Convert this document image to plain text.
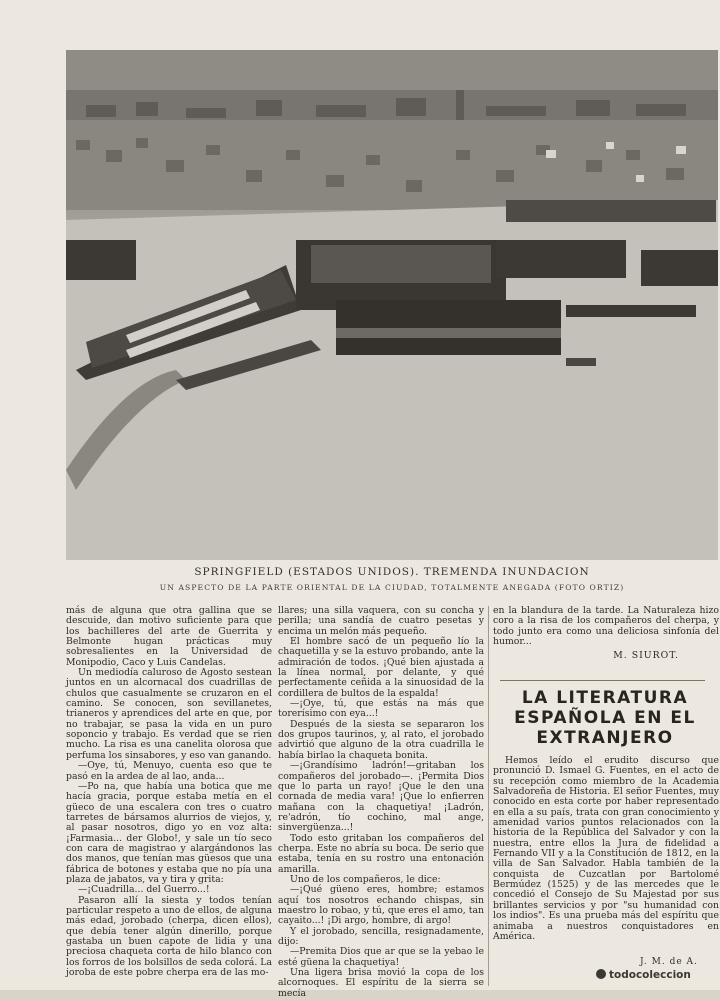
SPRINGFIELD (ESTADOS UNIDOS). TREMENDA INUNDACION
UN ASPECTO DE LA PARTE ORIENTAL DE LA CIUDAD, TOTALMENTE ANEGADA (FOTO ORTIZ)

más de alguna que otra gallina que se descuide, dan motivo suficiente para que los bachilleres del arte de Guerrita y Belmonte hugan prácticas muy sobresalientes en la Universidad de Monipodio, Caco y Luis Candelas.

Un mediodía caluroso de Agosto sestean juntos en un alcornacal dos cuadrillas de chulos que casualmente se cruzaron en el camino. Se conocen, son sevillanetes, trianeros y aprendices del arte en que, por no trabajar, se pasa la vida en un puro soponcio y trabajo. Es verdad que se rien mucho. La risa es una canelita olorosa que perfuma los sinsabores, y eso van ganando.

—Oye, tú, Menuyo, cuenta eso que te pasó en la ardea de al lao, anda...

—Po na, que había una botica que me hacía gracia, porque estaba metía en el güeco de una escalera con tres o cuatro tarretes de bársamos alurrios de viejos, y, al pasar nosotros, digo yo en voz alta: ¡Farmasia... der Globo!, y sale un tío seco con cara de magistrao y alargándonos las dos manos, que tenían mas güesos que una fábrica de botones y estaba que no pía una plaza de jabatos, va y tira y grita:

—¡Cuadrilla... del Guerro...!

Pasaron allí la siesta y todos tenían particular respeto a uno de ellos, de alguna más edad, jorobado (cherpa, dicen ellos), que debía tener algún dinerillo, porque gastaba un buen capote de lidia y una preciosa chaqueta corta de hilo blanco con los forros de los bolsillos de seda colorá. La joroba de este pobre cherpa era de las mo-

llares; una silla vaquera, con su concha y perilla; una sandía de cuatro pesetas y encima un melón más pequeño.

El hombre sacó de un pequeño lío la chaquetilla y se la estuvo probando, ante la admiración de todos. ¡Qué bien ajustada a la línea normal, por delante, y qué perfectamente ceñida a la sinuosidad de la cordillera de bultos de la espalda!

—¡Oye, tú, que estás na más que torerísimo con eya...!

Después de la siesta se separaron los dos grupos taurinos, y, al rato, el jorobado advirtió que alguno de la otra cuadrilla le había birlao la chaqueta bonita.

—¡Grandísimo ladrón!—gritaban los compañeros del jorobado—. ¡Permita Dios que lo parta un rayo! ¡Que le den una cornada de media vara! ¡Que lo enfierren mañana con la chaquetiya! ¡Ladrón, re'adrón, tío cochino, mal ange, sinvergüenza...!

Todo esto gritaban los compañeros del cherpa. Este no abría su boca. De serio que estaba, tenía en su rostro una entonación amarilla.

Uno de los compañeros, le dice:

—¡Qué güeno eres, hombre; estamos aquí tos nosotros echando chispas, sin maestro lo robao, y tú, que eres el amo, tan cayaito...! ¡Di argo, hombre, di argo!

Y el jorobado, sencilla, resignadamente, dijo:

—Premita Dios que ar que se la yebao le esté güena la chaquetiya!

Una ligera brisa movió la copa de los alcornoques. El espíritu de la sierra se mecía

en la blandura de la tarde. La Naturaleza hizo coro a la risa de los compañeros del cherpa, y todo junto era como una deliciosa sinfonía del humor...

M. SIUROT.
LA LITERATURA ESPAÑOLA EN EL EXTRANJERO

Hemos leído el erudito discurso que pronunció D. Ismael G. Fuentes, en el acto de su recepción como miembro de la Academia Salvadoreña de Historia. El señor Fuentes, muy conocido en esta corte por haber representado en ella a su país, trata con gran conocimiento y amenidad varios puntos relacionados con la historia de la República del Salvador y con la nuestra, entre ellos la Jura de fidelidad a Fernando VII y a la Constitución de 1812, en la villa de San Salvador. Habla también de la conquista de Cuzcatlan por Bartolomé Bermúdez (1525) y de las mercedes que le concedió el Consejo de Su Majestad por sus brillantes servicios y por "su humanidad con los indios". Es una prueba más del espíritu que animaba a nuestros conquistadores en América.

J. M. de A.
todocoleccion
